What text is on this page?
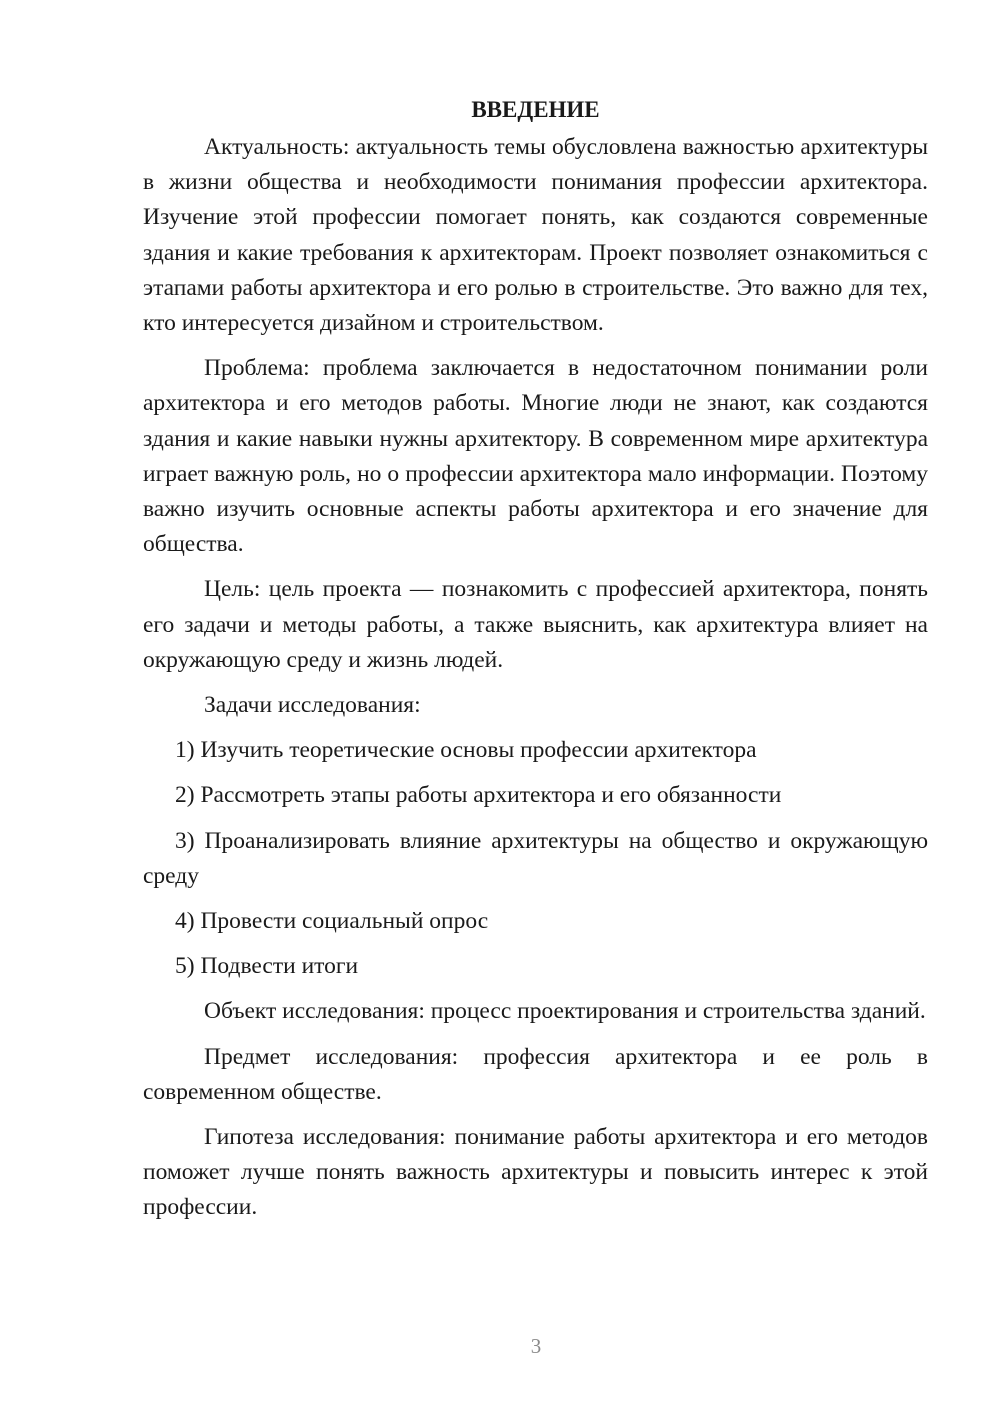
ВВЕДЕНИЕ

Актуальность: актуальность темы обусловлена важностью архитектуры в жизни общества и необходимости понимания профессии архитектора. Изучение этой профессии помогает понять, как создаются современные здания и какие требования к архитекторам. Проект позволяет ознакомиться с этапами работы архитектора и его ролью в строительстве. Это важно для тех, кто интересуется дизайном и строительством.

Проблема: проблема заключается в недостаточном понимании роли архитектора и его методов работы. Многие люди не знают, как создаются здания и какие навыки нужны архитектору. В современном мире архитектура играет важную роль, но о профессии архитектора мало информации. Поэтому важно изучить основные аспекты работы архитектора и его значение для общества.

Цель: цель проекта — познакомить с профессией архитектора, понять его задачи и методы работы, а также выяснить, как архитектура влияет на окружающую среду и жизнь людей.

Задачи исследования:

1) Изучить теоретические основы профессии архитектора

2) Рассмотреть этапы работы архитектора и его обязанности

3) Проанализировать влияние архитектуры на общество и окружающую среду

4) Провести социальный опрос

5) Подвести итоги

Объект исследования: процесс проектирования и строительства зданий.

Предмет исследования: профессия архитектора и ее роль в современном обществе.

Гипотеза исследования: понимание работы архитектора и его методов поможет лучше понять важность архитектуры и повысить интерес к этой профессии.

3
